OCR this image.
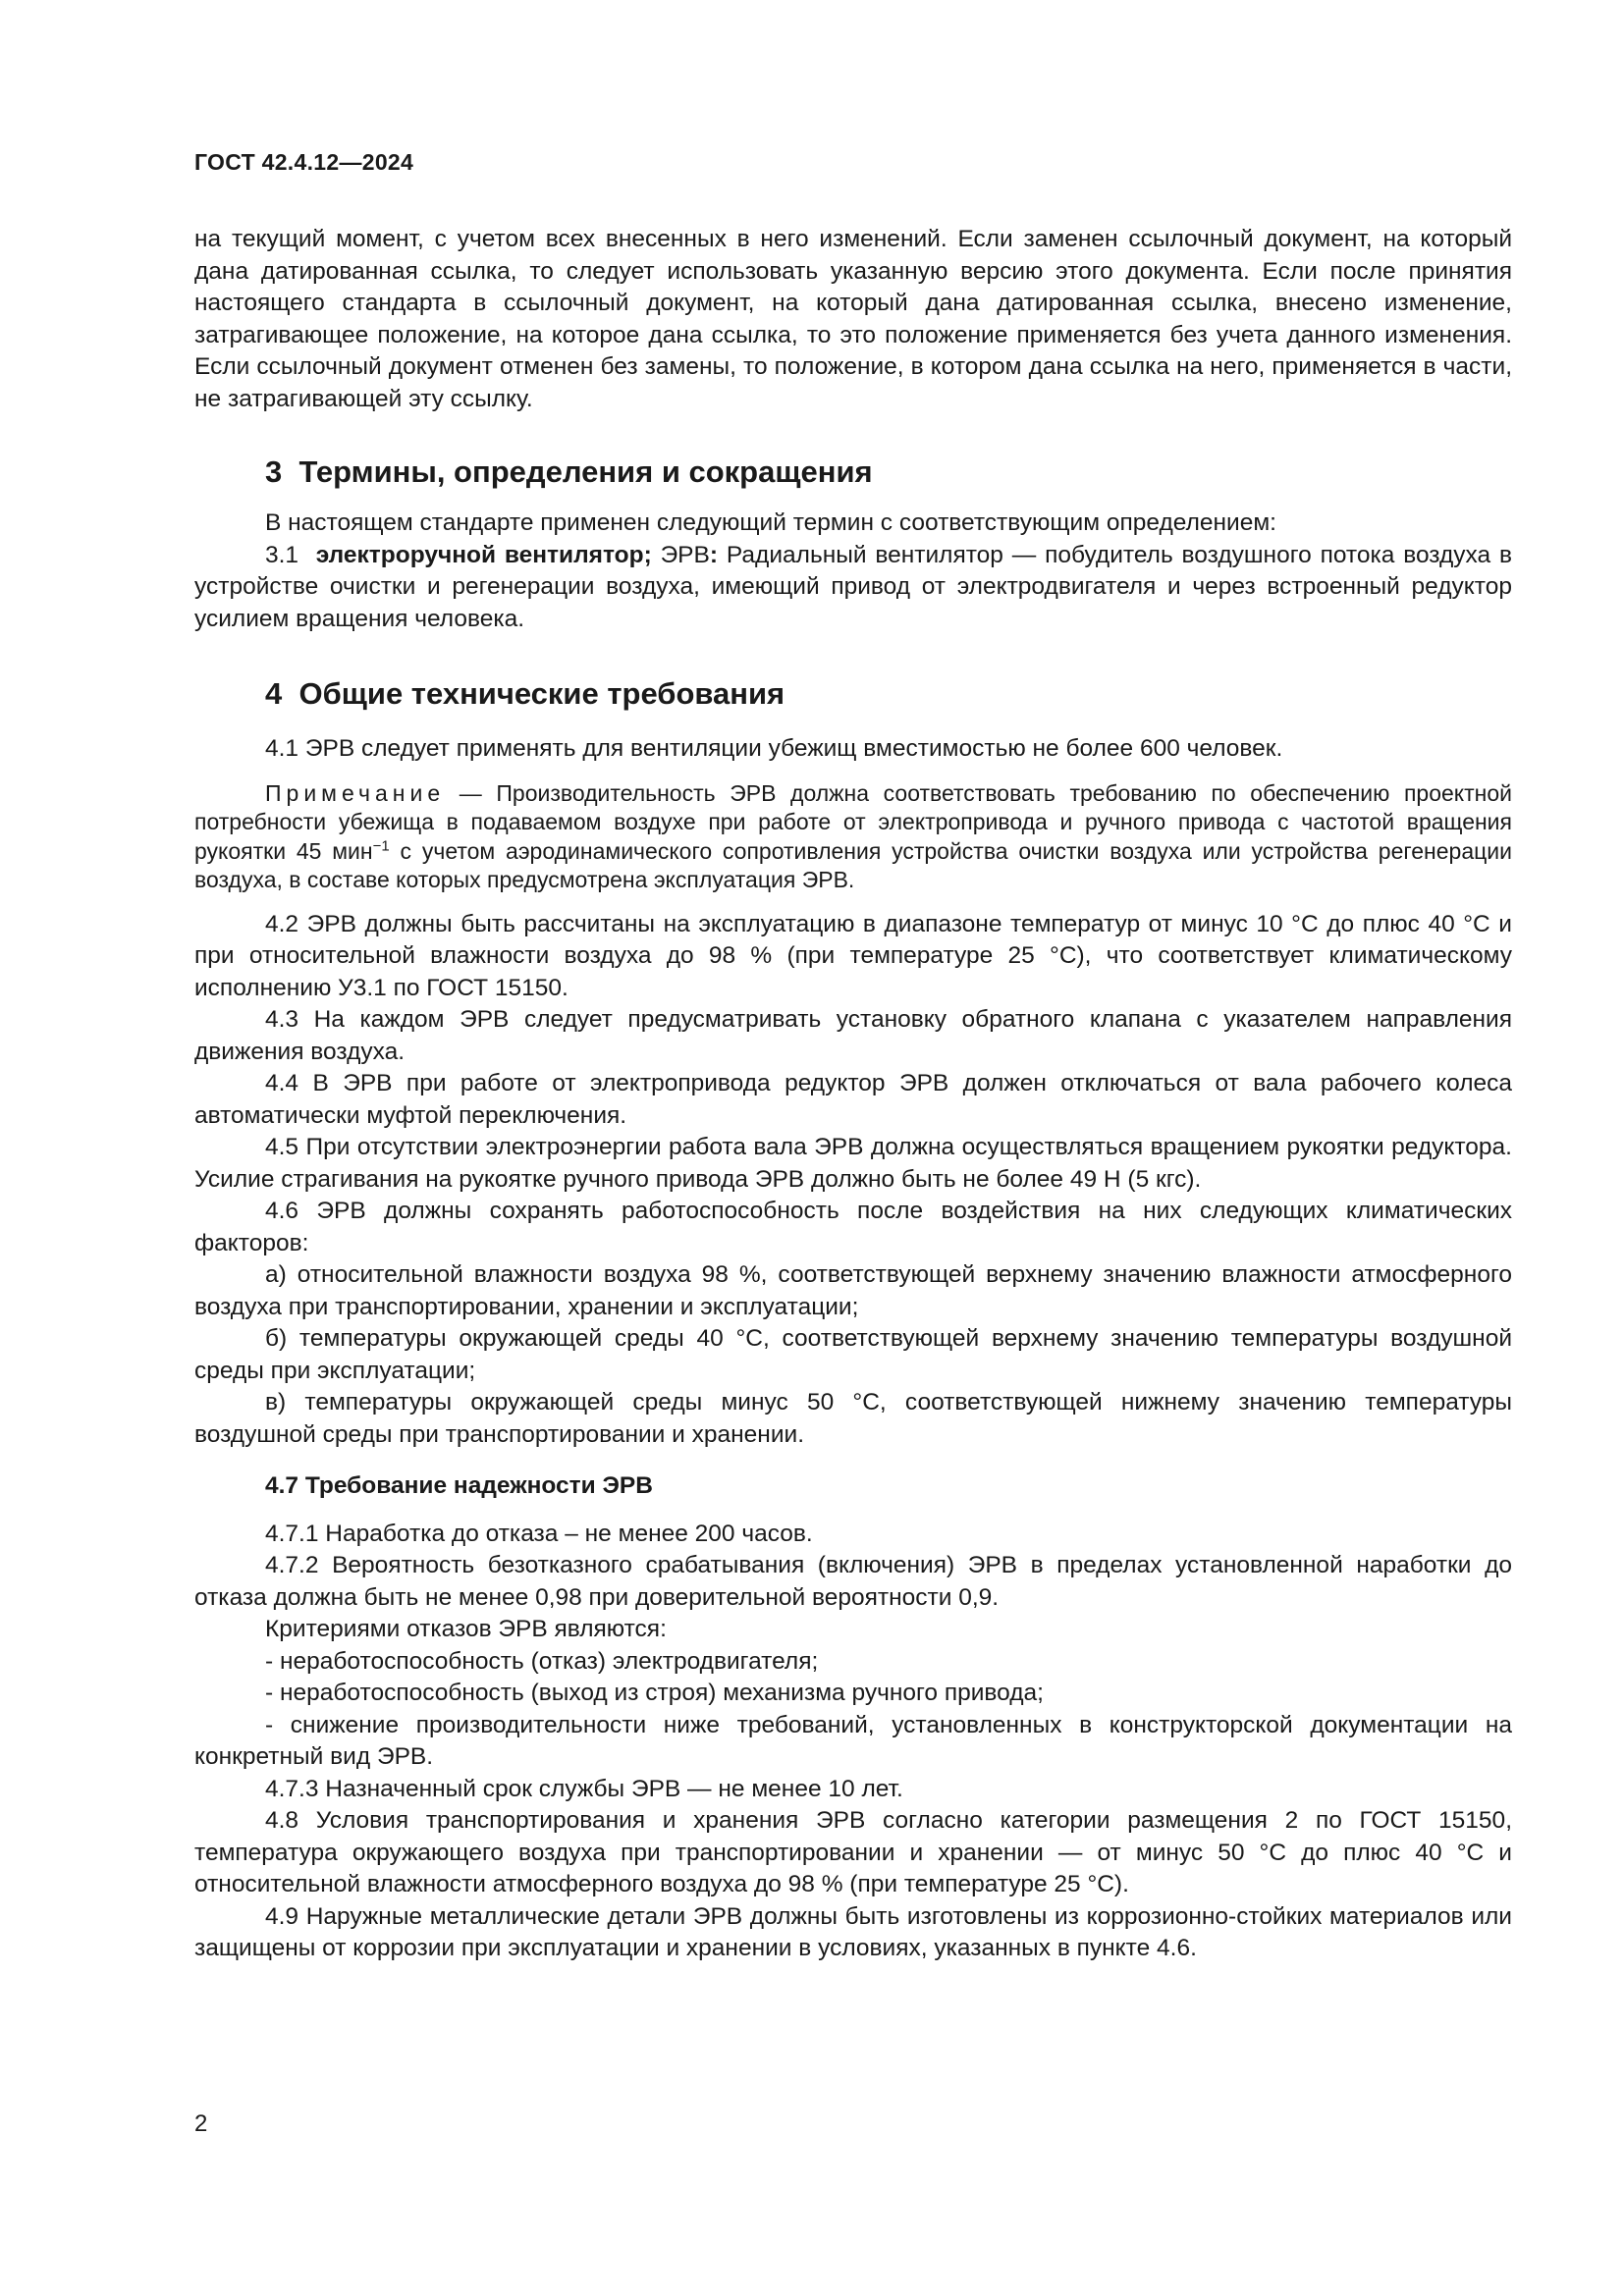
ГОСТ 42.4.12—2024

на текущий момент, с учетом всех внесенных в него изменений. Если заменен ссылочный документ, на который дана датированная ссылка, то следует использовать указанную версию этого документа. Если после принятия настоящего стандарта в ссылочный документ, на который дана датированная ссылка, внесено изменение, затрагивающее положение, на которое дана ссылка, то это положение применяется без учета данного изменения. Если ссылочный документ отменен без замены, то положение, в котором дана ссылка на него, применяется в части, не затрагивающей эту ссылку.

3 Термины, определения и сокращения

В настоящем стандарте применен следующий термин с соответствующим определением:

3.1 электроручной вентилятор; ЭРВ: Радиальный вентилятор — побудитель воздушного потока воздуха в устройстве очистки и регенерации воздуха, имеющий привод от электродвигателя и через встроенный редуктор усилием вращения человека.

4 Общие технические требования

4.1 ЭРВ следует применять для вентиляции убежищ вместимостью не более 600 человек.

Примечание — Производительность ЭРВ должна соответствовать требованию по обеспечению проектной потребности убежища в подаваемом воздухе при работе от электропривода и ручного привода с частотой вращения рукоятки 45 мин$^{-1}$ с учетом аэродинамического сопротивления устройства очистки воздуха или устройства регенерации воздуха, в составе которых предусмотрена эксплуатация ЭРВ.

4.2 ЭРВ должны быть рассчитаны на эксплуатацию в диапазоне температур от минус 10 °С до плюс 40 °С и при относительной влажности воздуха до 98 % (при температуре 25 °С), что соответствует климатическому исполнению У3.1 по ГОСТ 15150.

4.3 На каждом ЭРВ следует предусматривать установку обратного клапана с указателем направления движения воздуха.

4.4 В ЭРВ при работе от электропривода редуктор ЭРВ должен отключаться от вала рабочего колеса автоматически муфтой переключения.

4.5 При отсутствии электроэнергии работа вала ЭРВ должна осуществляться вращением рукоятки редуктора. Усилие страгивания на рукоятке ручного привода ЭРВ должно быть не более 49 Н (5 кгс).

4.6 ЭРВ должны сохранять работоспособность после воздействия на них следующих климатических факторов:

а) относительной влажности воздуха 98 %, соответствующей верхнему значению влажности атмосферного воздуха при транспортировании, хранении и эксплуатации;

б) температуры окружающей среды 40 °С, соответствующей верхнему значению температуры воздушной среды при эксплуатации;

в) температуры окружающей среды минус 50 °С, соответствующей нижнему значению температуры воздушной среды при транспортировании и хранении.

4.7 Требование надежности ЭРВ

4.7.1 Наработка до отказа – не менее 200 часов.

4.7.2 Вероятность безотказного срабатывания (включения) ЭРВ в пределах установленной наработки до отказа должна быть не менее 0,98 при доверительной вероятности 0,9.

Критериями отказов ЭРВ являются:

- неработоспособность (отказ) электродвигателя;

- неработоспособность (выход из строя) механизма ручного привода;

- снижение производительности ниже требований, установленных в конструкторской документации на конкретный вид ЭРВ.

4.7.3 Назначенный срок службы ЭРВ — не менее 10 лет.

4.8 Условия транспортирования и хранения ЭРВ согласно категории размещения 2 по ГОСТ 15150, температура окружающего воздуха при транспортировании и хранении — от минус 50 °С до плюс 40 °С и относительной влажности атмосферного воздуха до 98 % (при температуре 25 °С).

4.9 Наружные металлические детали ЭРВ должны быть изготовлены из коррозионно-стойких материалов или защищены от коррозии при эксплуатации и хранении в условиях, указанных в пункте 4.6.

2
